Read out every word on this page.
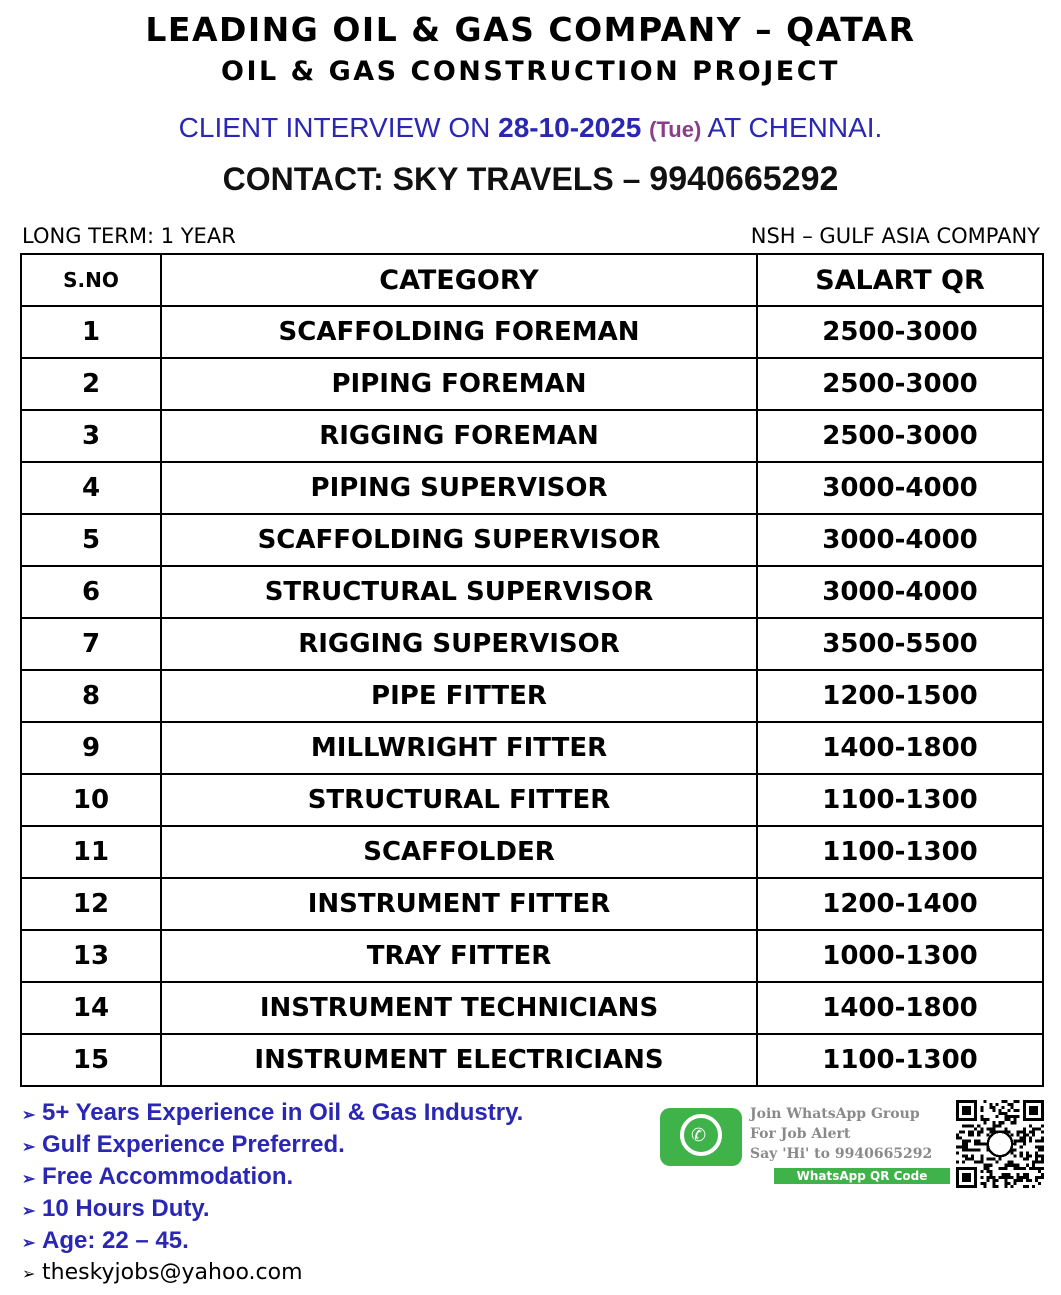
LEADING OIL & GAS COMPANY – QATAR
OIL & GAS CONSTRUCTION PROJECT
CLIENT INTERVIEW ON 28-10-2025 (Tue) AT CHENNAI.
CONTACT: SKY TRAVELS – 9940665292
LONG TERM: 1 YEAR	NSH – GULF ASIA COMPANY
S.NO	CATEGORY	SALART QR
1	SCAFFOLDING FOREMAN	2500-3000
2	PIPING FOREMAN	2500-3000
3	RIGGING FOREMAN	2500-3000
4	PIPING SUPERVISOR	3000-4000
5	SCAFFOLDING SUPERVISOR	3000-4000
6	STRUCTURAL SUPERVISOR	3000-4000
7	RIGGING SUPERVISOR	3500-5500
8	PIPE FITTER	1200-1500
9	MILLWRIGHT FITTER	1400-1800
10	STRUCTURAL FITTER	1100-1300
11	SCAFFOLDER	1100-1300
12	INSTRUMENT FITTER	1200-1400
13	TRAY FITTER	1000-1300
14	INSTRUMENT TECHNICIANS	1400-1800
15	INSTRUMENT ELECTRICIANS	1100-1300
➢ 5+ Years Experience in Oil & Gas Industry.
➢ Gulf Experience Preferred.
➢ Free Accommodation.
➢ 10 Hours Duty.
➢ Age: 22 – 45.
➢ theskyjobs@yahoo.com
✆
Join WhatsApp Group
For Job Alert
Say 'Hi' to 9940665292
WhatsApp QR Code
